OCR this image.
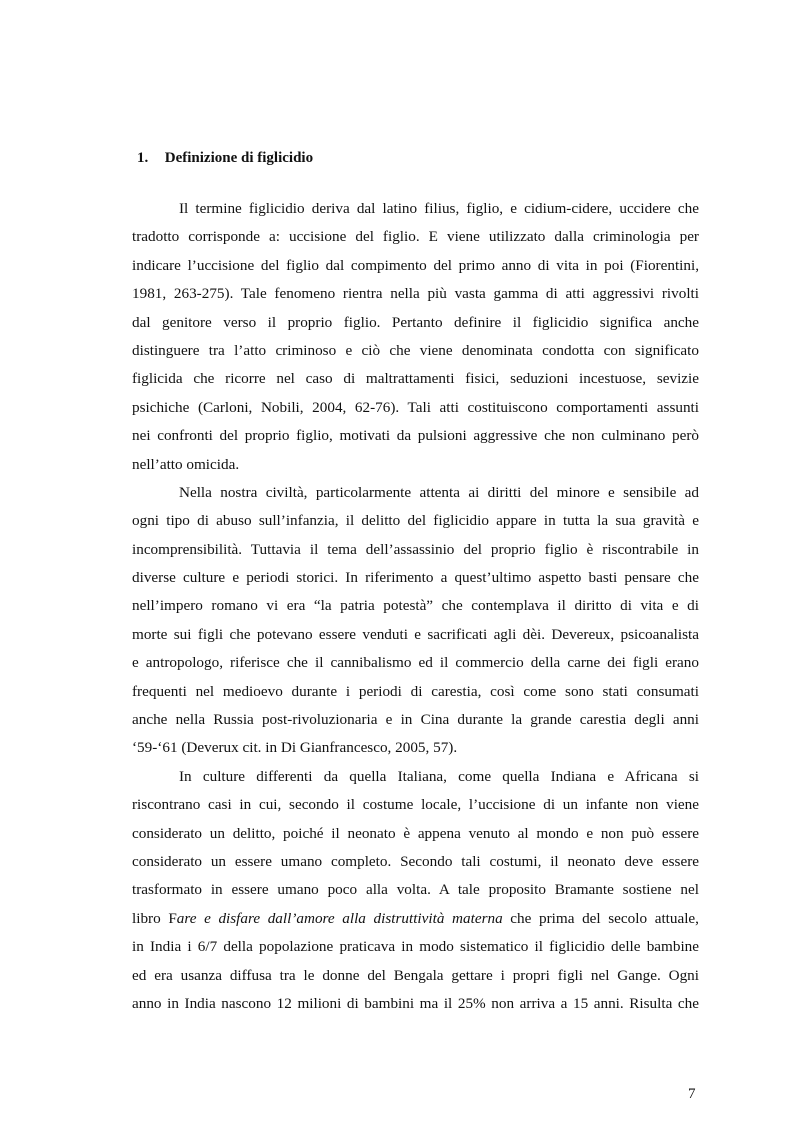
1. Definizione di figlicidio
Il termine figlicidio deriva dal latino filius, figlio, e cidium-cidere, uccidere che
tradotto corrisponde a: uccisione del figlio. E viene utilizzato dalla criminologia per
indicare l’uccisione del figlio dal compimento del primo anno di vita in poi (Fiorentini,
1981, 263-275). Tale fenomeno rientra nella più vasta gamma di atti aggressivi rivolti
dal genitore verso il proprio figlio. Pertanto definire il figlicidio significa anche
distinguere tra l’atto criminoso e ciò che viene denominata condotta con significato
figlicida che ricorre nel caso di maltrattamenti fisici, seduzioni incestuose, sevizie
psichiche (Carloni, Nobili, 2004, 62-76). Tali atti costituiscono comportamenti assunti
nei confronti del proprio figlio, motivati da pulsioni aggressive che non culminano però
nell’atto omicida.
Nella nostra civiltà, particolarmente attenta ai diritti del minore e sensibile ad
ogni tipo di abuso sull’infanzia, il delitto del figlicidio appare in tutta la sua gravità e
incomprensibilità. Tuttavia il tema dell’assassinio del proprio figlio è riscontrabile in
diverse culture e periodi storici. In riferimento a quest’ultimo aspetto basti pensare che
nell’impero romano vi era “la patria potestà” che contemplava il diritto di vita e di
morte sui figli che potevano essere venduti e sacrificati agli dèi. Devereux, psicoanalista
e antropologo, riferisce che il cannibalismo ed il commercio della carne dei figli erano
frequenti nel medioevo durante i periodi di carestia, così come sono stati consumati
anche nella Russia post-rivoluzionaria e in Cina durante la grande carestia degli anni
‘59-‘61 (Deverux cit. in Di Gianfrancesco, 2005, 57).
In culture differenti da quella Italiana, come quella Indiana e Africana si
riscontrano casi in cui, secondo il costume locale, l’uccisione di un infante non viene
considerato un delitto, poiché il neonato è appena venuto al mondo e non può essere
considerato un essere umano completo. Secondo tali costumi, il neonato deve essere
trasformato in essere umano poco alla volta. A tale proposito Bramante sostiene nel
libro Fare e disfare dall’amore alla distruttività materna che prima del secolo attuale,
in India i 6/7 della popolazione praticava in modo sistematico il figlicidio delle bambine
ed era usanza diffusa tra le donne del Bengala gettare i propri figli nel Gange. Ogni
anno in India nascono 12 milioni di bambini ma il 25% non arriva a 15 anni. Risulta che
7
